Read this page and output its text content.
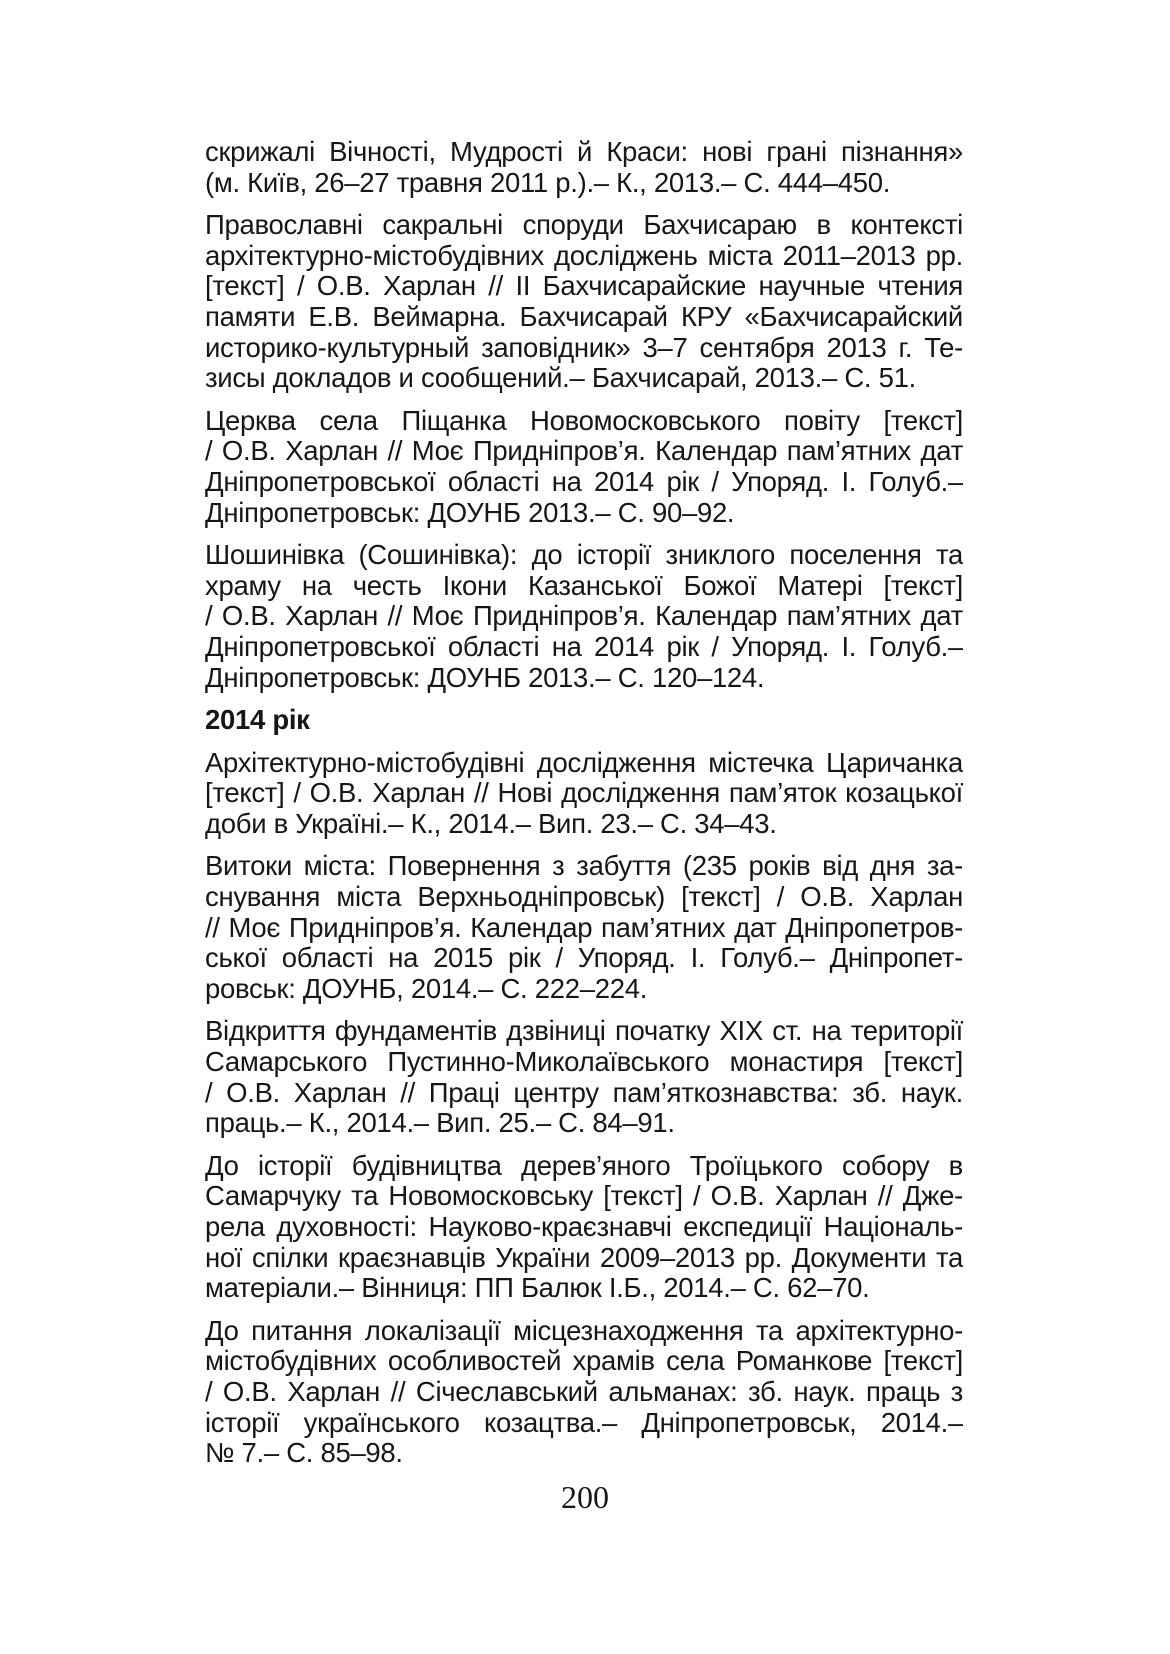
скрижалі Вічності, Мудрості й Краси: нові грані пізнання»
(м. Київ, 26–27 травня 2011 р.).– К., 2013.– С. 444–450.

Православні сакральні споруди Бахчисараю в контексті
архітектурно-містобудівних досліджень міста 2011–2013 рр.
[текст] / О.В. Харлан // ІІ Бахчисарайские научные чтения
памяти Е.В. Веймарна. Бахчисарай КРУ «Бахчисарайский
историко-культурный заповідник» 3–7 сентября 2013 г. Те-
зисы докладов и сообщений.– Бахчисарай, 2013.– С. 51.

Церква села Піщанка Новомосковського повіту [текст]
/ О.В. Харлан // Моє Придніпров’я. Календар пам’ятних дат
Дніпропетровської області на 2014 рік / Упоряд. І. Голуб.–
Дніпропетровськ: ДОУНБ 2013.– С. 90–92.

Шошинівка (Сошинівка): до історії зниклого поселення та
храму на честь Ікони Казанської Божої Матері [текст]
/ О.В. Харлан // Моє Придніпров’я. Календар пам’ятних дат
Дніпропетровської області на 2014 рік / Упоряд. І. Голуб.–
Дніпропетровськ: ДОУНБ 2013.– С. 120–124.

2014 рік

Архітектурно-містобудівні дослідження містечка Царичанка
[текст] / О.В. Харлан // Нові дослідження пам’яток козацької
доби в Україні.– К., 2014.– Вип. 23.– С. 34–43.

Витоки міста: Повернення з забуття (235 років від дня за-
снування міста Верхньодніпровськ) [текст] / О.В. Харлан
// Моє Придніпров’я. Календар пам’ятних дат Дніпропетров-
ської області на 2015 рік / Упоряд. І. Голуб.– Дніпропет-
ровськ: ДОУНБ, 2014.– С. 222–224.

Відкриття фундаментів дзвіниці початку XIX ст. на території
Самарського Пустинно-Миколаївського монастиря [текст]
/ О.В. Харлан // Праці центру пам’яткознавства: зб. наук.
праць.– К., 2014.– Вип. 25.– С. 84–91.

До історії будівництва дерев’яного Троїцького собору в
Самарчуку та Новомосковську [текст] / О.В. Харлан // Дже-
рела духовності: Науково-краєзнавчі експедиції Національ-
ної спілки краєзнавців України 2009–2013 рр. Документи та
матеріали.– Вінниця: ПП Балюк І.Б., 2014.– С. 62–70.

До питання локалізації місцезнаходження та архітектурно-
містобудівних особливостей храмів села Романкове [текст]
/ О.В. Харлан // Січеславський альманах: зб. наук. праць з
історії українського козацтва.– Дніпропетровськ, 2014.–
№ 7.– С. 85–98.

200
